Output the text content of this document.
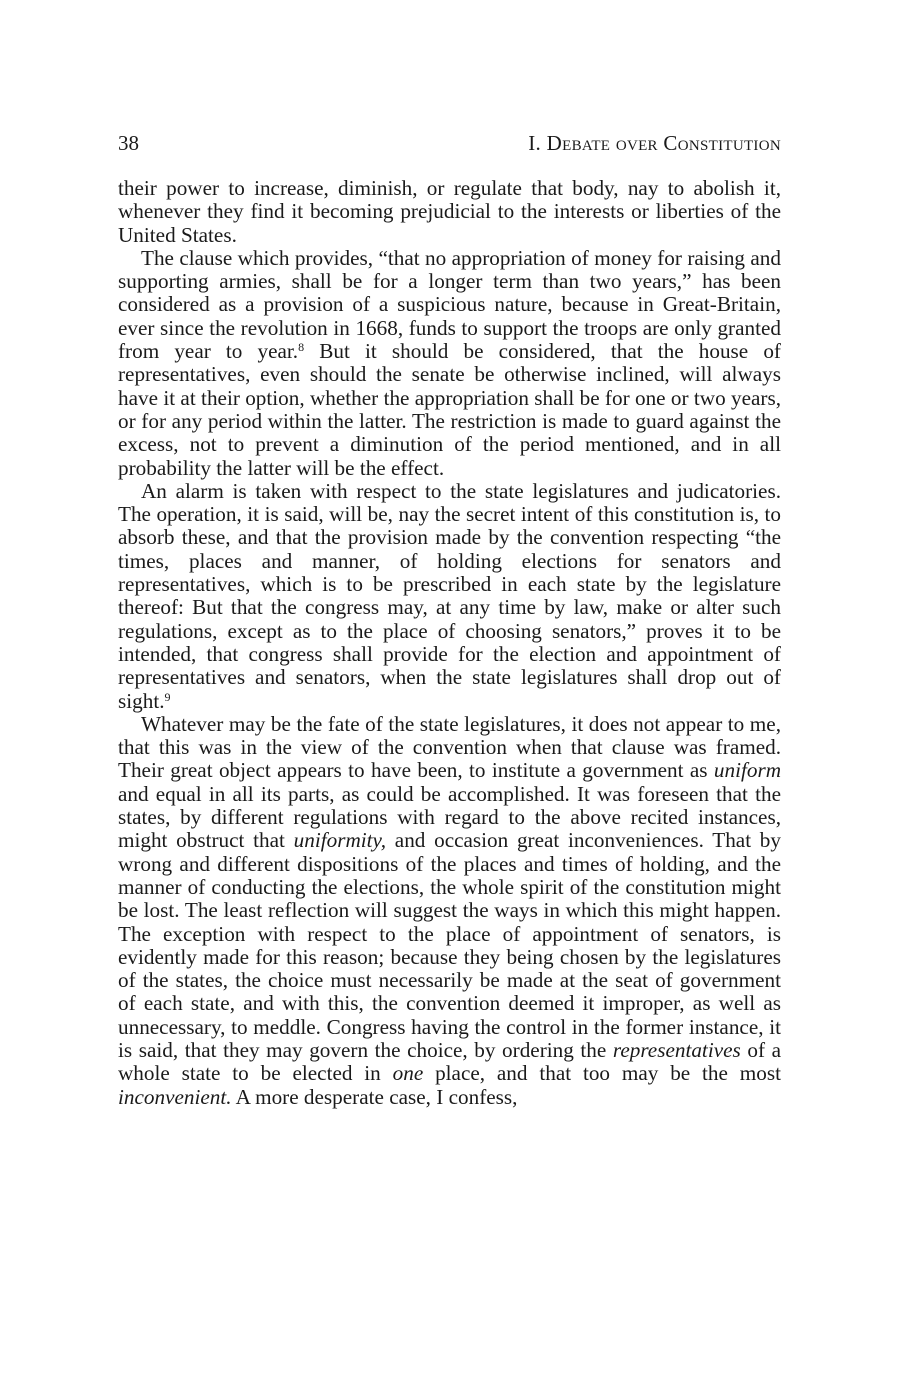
38	I. Debate over Constitution

their power to increase, diminish, or regulate that body, nay to abolish it, whenever they find it becoming prejudicial to the interests or liberties of the United States.

The clause which provides, “that no appropriation of money for raising and supporting armies, shall be for a longer term than two years,” has been considered as a provision of a suspicious nature, because in Great-Britain, ever since the revolution in 1668, funds to support the troops are only granted from year to year.$^8$ But it should be considered, that the house of representatives, even should the senate be otherwise inclined, will always have it at their option, whether the appropriation shall be for one or two years, or for any period within the latter. The restriction is made to guard against the excess, not to prevent a diminution of the period mentioned, and in all probability the latter will be the effect.

An alarm is taken with respect to the state legislatures and judicatories. The operation, it is said, will be, nay the secret intent of this constitution is, to absorb these, and that the provision made by the convention respecting “the times, places and manner, of holding elections for senators and representatives, which is to be prescribed in each state by the legislature thereof: But that the congress may, at any time by law, make or alter such regulations, except as to the place of choosing senators,” proves it to be intended, that congress shall provide for the election and appointment of representatives and senators, when the state legislatures shall drop out of sight.$^9$

Whatever may be the fate of the state legislatures, it does not appear to me, that this was in the view of the convention when that clause was framed. Their great object appears to have been, to institute a government as uniform and equal in all its parts, as could be accomplished. It was foreseen that the states, by different regulations with regard to the above recited instances, might obstruct that uniformity, and occasion great inconveniences. That by wrong and different dispositions of the places and times of holding, and the manner of conducting the elections, the whole spirit of the constitution might be lost. The least reflection will suggest the ways in which this might happen. The exception with respect to the place of appointment of senators, is evidently made for this reason; because they being chosen by the legislatures of the states, the choice must necessarily be made at the seat of government of each state, and with this, the convention deemed it improper, as well as unnecessary, to meddle. Congress having the control in the former instance, it is said, that they may govern the choice, by ordering the representatives of a whole state to be elected in one place, and that too may be the most inconvenient. A more desperate case, I confess,
